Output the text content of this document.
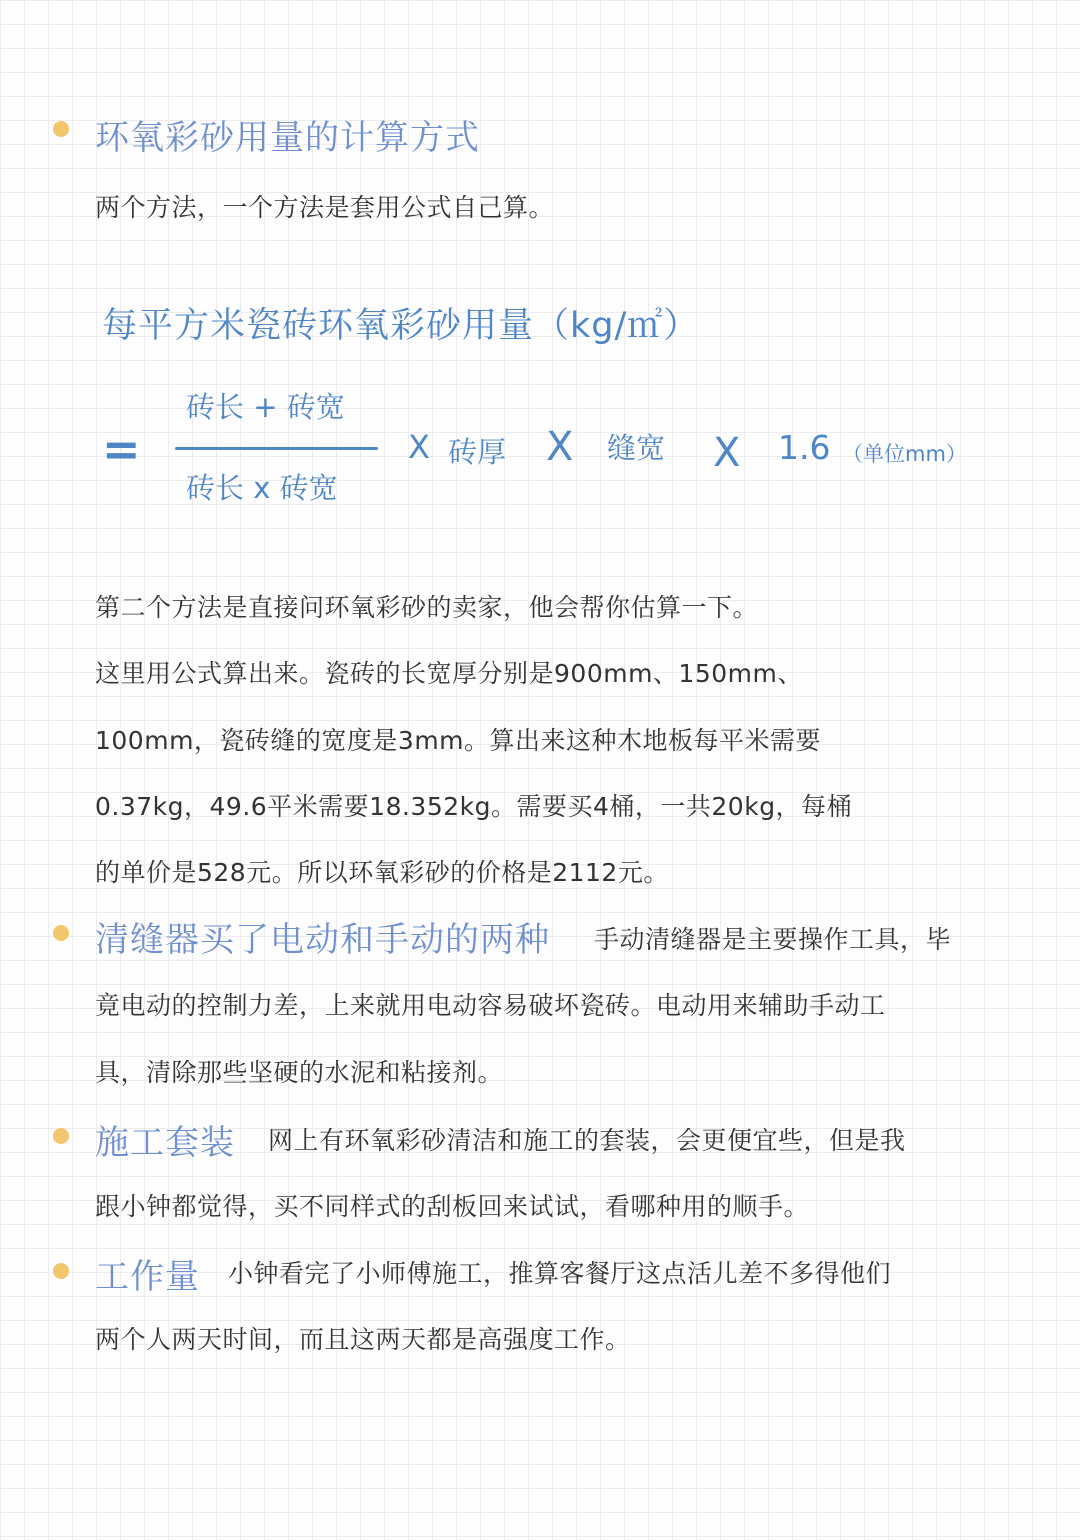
环氧彩砂用量的计算方式
两个方法，一个方法是套用公式自己算。
每平方米瓷砖环氧彩砂用量（kg/㎡）
=
砖长 + 砖宽
砖长 x 砖宽
X 砖厚 X 缝宽 X 1.6 （单位mm）
第二个方法是直接问环氧彩砂的卖家，他会帮你估算一下。
这里用公式算出来。瓷砖的长宽厚分别是900mm、150mm、
100mm，瓷砖缝的宽度是3mm。算出来这种木地板每平米需要
0.37kg，49.6平米需要18.352kg。需要买4桶，一共20kg，每桶
的单价是528元。所以环氧彩砂的价格是2112元。
清缝器买了电动和手动的两种 手动清缝器是主要操作工具，毕
竟电动的控制力差，上来就用电动容易破坏瓷砖。电动用来辅助手动工
具，清除那些坚硬的水泥和粘接剂。
施工套装 网上有环氧彩砂清洁和施工的套装，会更便宜些，但是我
跟小钟都觉得，买不同样式的刮板回来试试，看哪种用的顺手。
工作量 小钟看完了小师傅施工，推算客餐厅这点活儿差不多得他们
两个人两天时间，而且这两天都是高强度工作。
